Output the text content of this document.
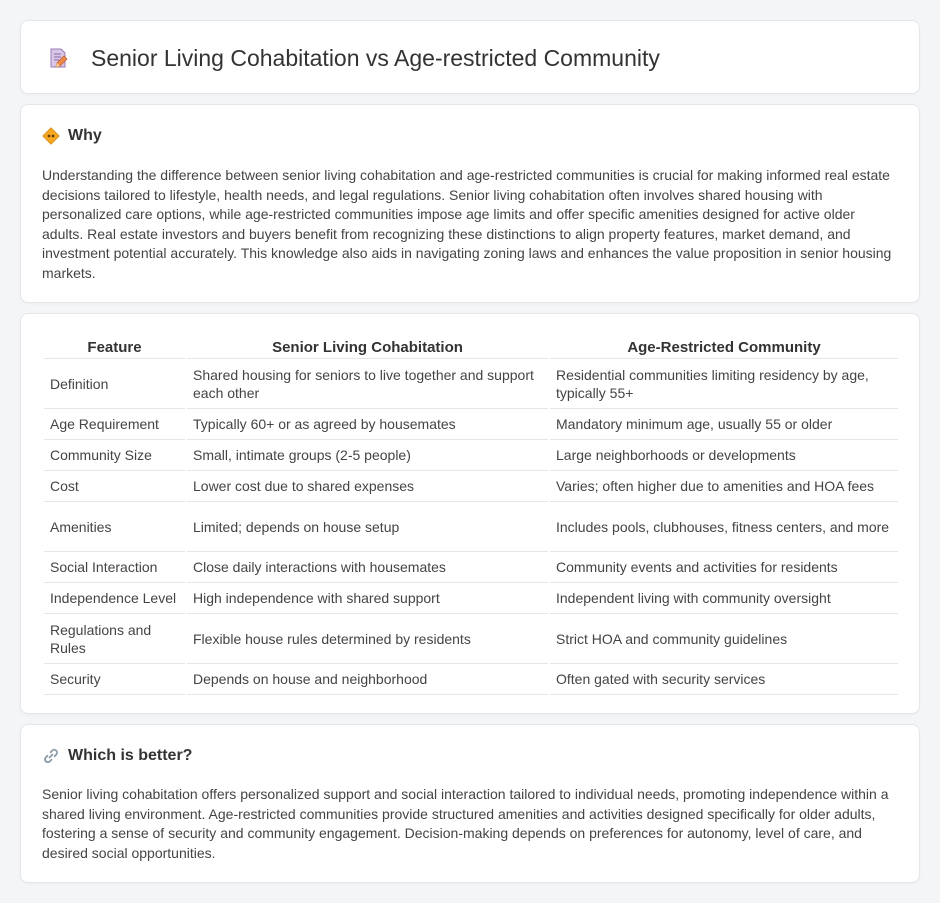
Senior Living Cohabitation vs Age-restricted Community
Why

Understanding the difference between senior living cohabitation and age-restricted communities is crucial for making informed real estate decisions tailored to lifestyle, health needs, and legal regulations. Senior living cohabitation often involves shared housing with personalized care options, while age-restricted communities impose age limits and offer specific amenities designed for active older adults. Real estate investors and buyers benefit from recognizing these distinctions to align property features, market demand, and investment potential accurately. This knowledge also aids in navigating zoning laws and enhances the value proposition in senior housing markets.

Feature	Senior Living Cohabitation	Age-Restricted Community
Definition	Shared housing for seniors to live together and support each other	Residential communities limiting residency by age, typically 55+
Age Requirement	Typically 60+ or as agreed by housemates	Mandatory minimum age, usually 55 or older
Community Size	Small, intimate groups (2-5 people)	Large neighborhoods or developments
Cost	Lower cost due to shared expenses	Varies; often higher due to amenities and HOA fees
Amenities	Limited; depends on house setup	Includes pools, clubhouses, fitness centers, and more
Social Interaction	Close daily interactions with housemates	Community events and activities for residents
Independence Level	High independence with shared support	Independent living with community oversight
Regulations and Rules	Flexible house rules determined by residents	Strict HOA and community guidelines
Security	Depends on house and neighborhood	Often gated with security services
Which is better?

Senior living cohabitation offers personalized support and social interaction tailored to individual needs, promoting independence within a shared living environment. Age-restricted communities provide structured amenities and activities designed specifically for older adults, fostering a sense of security and community engagement. Decision-making depends on preferences for autonomy, level of care, and desired social opportunities.
